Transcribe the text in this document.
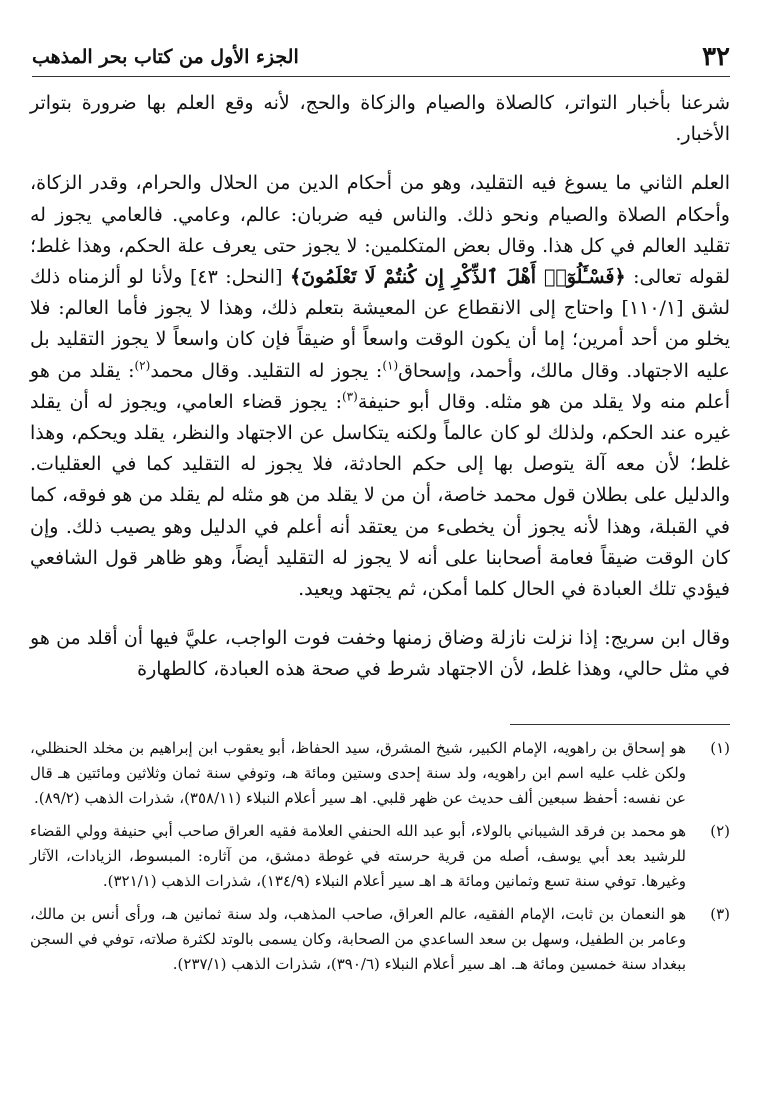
٣٢
الجزء الأول من كتاب بحر المذهب

شرعنا بأخبار التواتر، كالصلاة والصيام والزكاة والحج، لأنه وقع العلم بها ضرورة بتواتر الأخبار.

العلم الثاني ما يسوغ فيه التقليد، وهو من أحكام الدين من الحلال والحرام، وقدر الزكاة، وأحكام الصلاة والصيام ونحو ذلك. والناس فيه ضربان: عالم، وعامي. فالعامي يجوز له تقليد العالم في كل هذا. وقال بعض المتكلمين: لا يجوز حتى يعرف علة الحكم، وهذا غلط؛ لقوله تعالى: ﴿فَسْـَٔلُوٓا۟ أَهْلَ ٱلذِّكْرِ إِن كُنتُمْ لَا تَعْلَمُونَ﴾ [النحل: ٤٣] ولأنا لو ألزمناه ذلك لشق [١١٠/١] واحتاج إلى الانقطاع عن المعيشة بتعلم ذلك، وهذا لا يجوز فأما العالم: فلا يخلو من أحد أمرين؛ إما أن يكون الوقت واسعاً أو ضيقاً فإن كان واسعاً لا يجوز التقليد بل عليه الاجتهاد. وقال مالك، وأحمد، وإسحاق$^{(١)}$: يجوز له التقليد. وقال محمد$^{(٢)}$: يقلد من هو أعلم منه ولا يقلد من هو مثله. وقال أبو حنيفة$^{(٣)}$: يجوز قضاء العامي، ويجوز له أن يقلد غيره عند الحكم، ولذلك لو كان عالماً ولكنه يتكاسل عن الاجتهاد والنظر، يقلد ويحكم، وهذا غلط؛ لأن معه آلة يتوصل بها إلى حكم الحادثة، فلا يجوز له التقليد كما في العقليات. والدليل على بطلان قول محمد خاصة، أن من لا يقلد من هو مثله لم يقلد من هو فوقه، كما في القبلة، وهذا لأنه يجوز أن يخطىء من يعتقد أنه أعلم في الدليل وهو يصيب ذلك. وإن كان الوقت ضيقاً فعامة أصحابنا على أنه لا يجوز له التقليد أيضاً، وهو ظاهر قول الشافعي فيؤدي تلك العبادة في الحال كلما أمكن، ثم يجتهد ويعيد.

وقال ابن سريج: إذا نزلت نازلة وضاق زمنها وخفت فوت الواجب، عليَّ فيها أن أقلد من هو في مثل حالي، وهذا غلط، لأن الاجتهاد شرط في صحة هذه العبادة، كالطهارة

(١)
هو إسحاق بن راهويه، الإمام الكبير، شيخ المشرق، سيد الحفاظ، أبو يعقوب ابن إبراهيم بن مخلد الحنظلي، ولكن غلب عليه اسم ابن راهويه، ولد سنة إحدى وستين ومائة هـ، وتوفي سنة ثمان وثلاثين ومائتين هـ قال عن نفسه: أحفظ سبعين ألف حديث عن ظهر قلبي. اهـ سير أعلام النبلاء (٣٥٨/١١)، شذرات الذهب (٨٩/٢).
(٢)
هو محمد بن فرقد الشيباني بالولاء، أبو عبد الله الحنفي العلامة فقيه العراق صاحب أبي حنيفة وولي القضاء للرشيد بعد أبي يوسف، أصله من قرية حرسته في غوطة دمشق، من آثاره: المبسوط، الزيادات، الآثار وغيرها. توفي سنة تسع وثمانين ومائة هـ اهـ سير أعلام النبلاء (١٣٤/٩)، شذرات الذهب (٣٢١/١).
(٣)
هو النعمان بن ثابت، الإمام الفقيه، عالم العراق، صاحب المذهب، ولد سنة ثمانين هـ، ورأى أنس بن مالك، وعامر بن الطفيل، وسهل بن سعد الساعدي من الصحابة، وكان يسمى بالوتد لكثرة صلاته، توفي في السجن ببغداد سنة خمسين ومائة هـ. اهـ سير أعلام النبلاء (٣٩٠/٦)، شذرات الذهب (٢٣٧/١).
